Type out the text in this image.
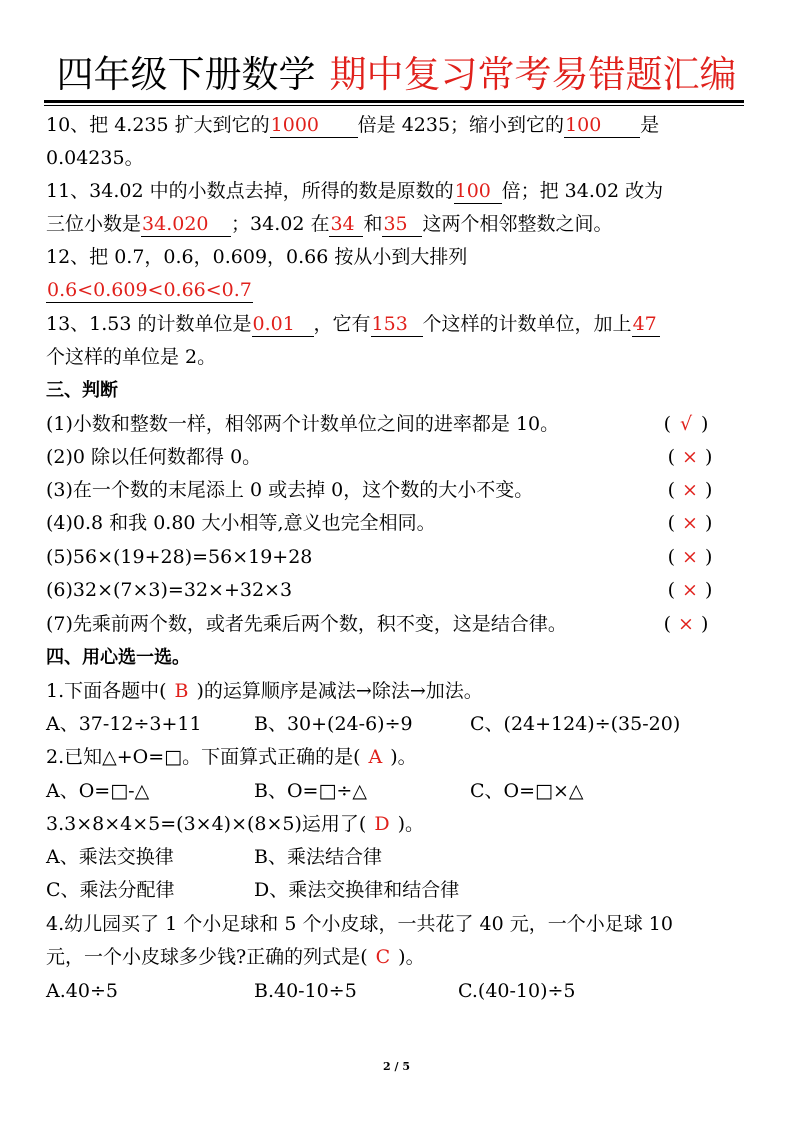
四年级下册数学 期中复习常考易错题汇编
10、把 4.235 扩大到它的1000 倍是 4235；缩小到它的100 是
0.04235。
11、34.02 中的小数点去掉，所得的数是原数的100 倍；把 34.02 改为
三位小数是34.020 ；34.02 在34 和35 这两个相邻整数之间。
12、把 0.7，0.6，0.609，0.66 按从小到大排列
0.6<0.609<0.66<0.7
13、1.53 的计数单位是0.01 ，它有153 个这样的计数单位，加上47
个这样的单位是 2。
三、判断
(1)小数和整数一样，相邻两个计数单位之间的进率都是 10。	( √ )
(2)0 除以任何数都得 0。	( × )
(3)在一个数的末尾添上 0 或去掉 0，这个数的大小不变。	( × )
(4)0.8 和我 0.80 大小相等,意义也完全相同。	( × )
(5)56×(19+28)=56×19+28	( × )
(6)32×(7×3)=32×+32×3	( × )
(7)先乘前两个数，或者先乘后两个数，积不变，这是结合律。	( × )
四、用心选一选。
1.下面各题中( B )的运算顺序是减法→除法→加法。
A、37-12÷3+11	B、30+(24-6)÷9	C、(24+124)÷(35-20)
2.已知△+O=□。下面算式正确的是( A )。
A、O=□-△	B、O=□÷△	C、O=□×△
3.3×8×4×5=(3×4)×(8×5)运用了( D )。
A、乘法交换律	B、乘法结合律
C、乘法分配律	D、乘法交换律和结合律
4.幼儿园买了 1 个小足球和 5 个小皮球，一共花了 40 元，一个小足球 10
元，一个小皮球多少钱?正确的列式是( C )。
A.40÷5	B.40-10÷5	C.(40-10)÷5
2 / 5
